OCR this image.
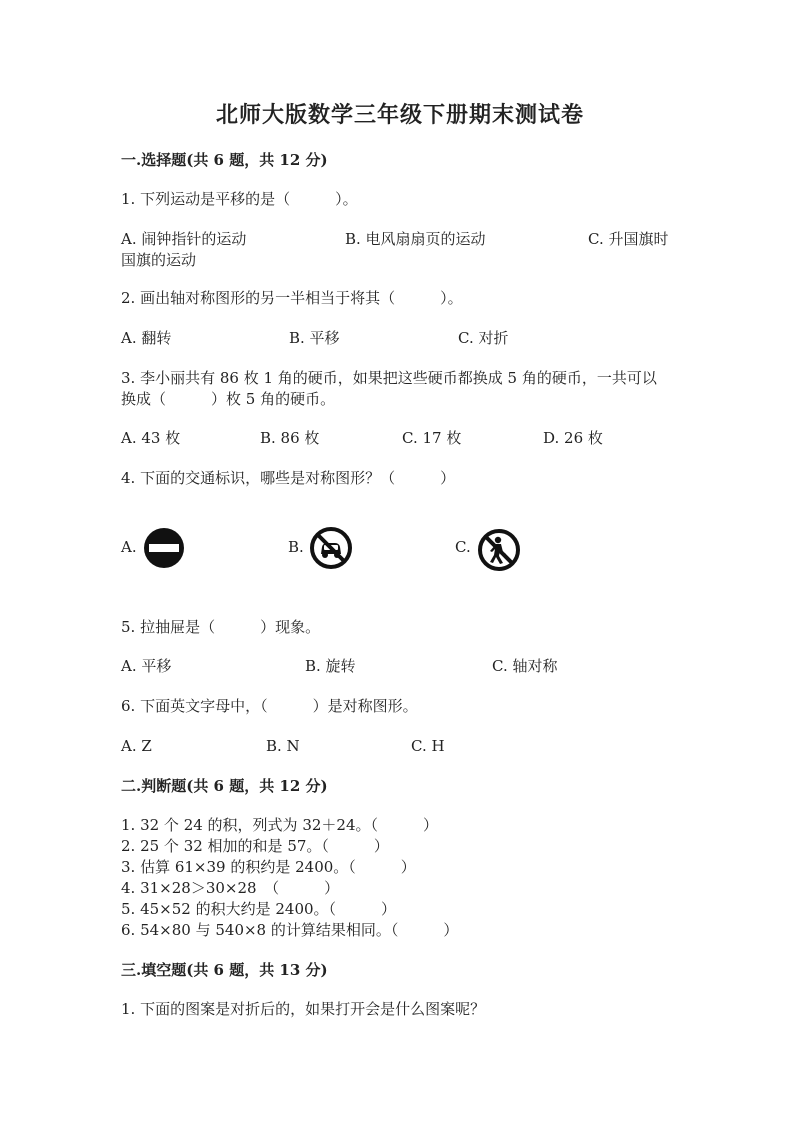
北师大版数学三年级下册期末测试卷
一.选择题(共 6 题，共 12 分)
1. 下列运动是平移的是（　　　）。
A. 闹钟指针的运动	B. 电风扇扇页的运动	C. 升国旗时
国旗的运动
2. 画出轴对称图形的另一半相当于将其（　　　）。
A. 翻转	B. 平移	C. 对折
3. 李小丽共有 86 枚 1 角的硬币，如果把这些硬币都换成 5 角的硬币，一共可以
换成（　　　）枚 5 角的硬币。
A. 43 枚	B. 86 枚	C. 17 枚	D. 26 枚
4. 下面的交通标识，哪些是对称图形？（　　　）
A.	B.	C.
5. 拉抽屉是（　　　）现象。
A. 平移	B. 旋转	C. 轴对称
6. 下面英文字母中，（　　　）是对称图形。
A. Z	B. N	C. H
二.判断题(共 6 题，共 12 分)
1. 32 个 24 的积，列式为 32＋24。（　　　）
2. 25 个 32 相加的和是 57。（　　　）
3. 估算 61×39 的积约是 2400。（　　　）
4. 31×28＞30×28　（　　　）
5. 45×52 的积大约是 2400。（　　　）
6. 54×80 与 540×8 的计算结果相同。（　　　）
三.填空题(共 6 题，共 13 分)
1. 下面的图案是对折后的，如果打开会是什么图案呢？
